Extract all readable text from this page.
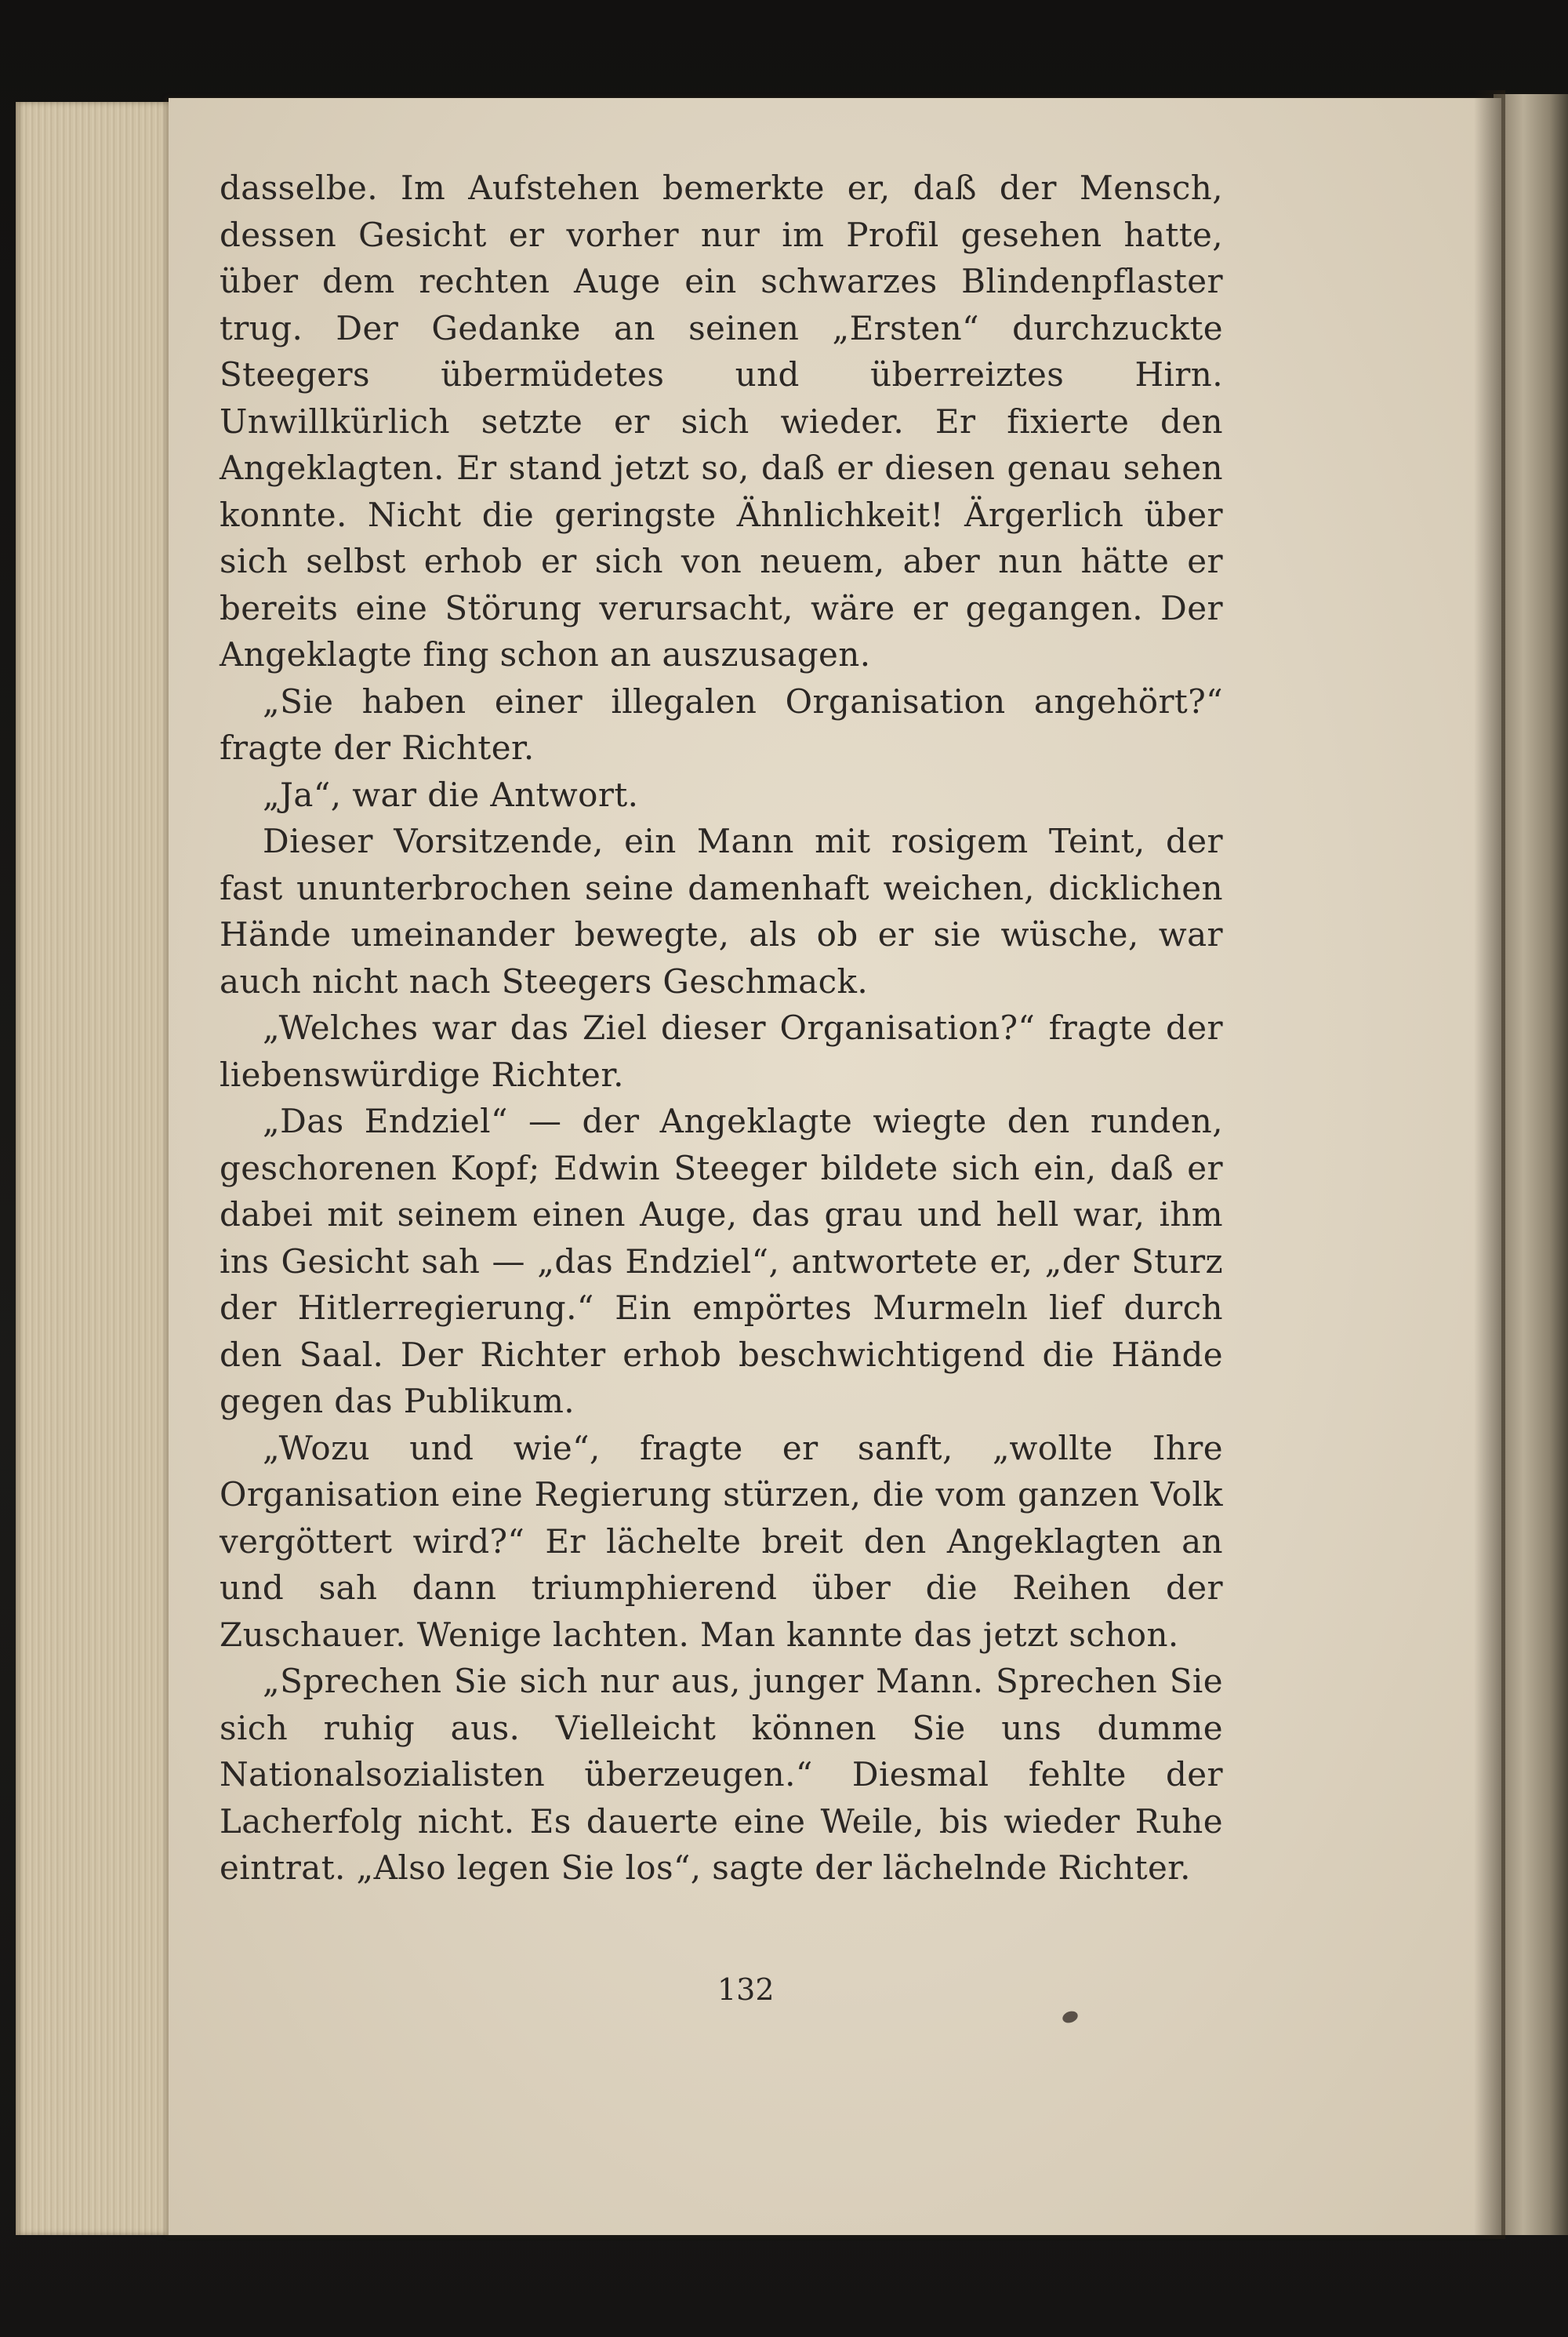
dasselbe. Im Aufstehen bemerkte er, daß der Mensch, dessen Gesicht er vorher nur im Profil gesehen hatte, über dem rechten Auge ein schwarzes Blindenpflaster trug. Der Gedanke an seinen „Ersten“ durchzuckte Steegers übermüdetes und überreiztes Hirn. Unwillkürlich setzte er sich wieder. Er fixierte den Angeklagten. Er stand jetzt so, daß er diesen genau sehen konnte. Nicht die geringste Ähnlichkeit! Ärgerlich über sich selbst erhob er sich von neuem, aber nun hätte er bereits eine Störung verursacht, wäre er gegangen. Der Angeklagte fing schon an auszusagen.

„Sie haben einer illegalen Organisation angehört?“ fragte der Richter.

„Ja“, war die Antwort.

Dieser Vorsitzende, ein Mann mit rosigem Teint, der fast ununterbrochen seine damenhaft weichen, dicklichen Hände umeinander bewegte, als ob er sie wüsche, war auch nicht nach Steegers Geschmack.

„Welches war das Ziel dieser Organisation?“ fragte der liebenswürdige Richter.

„Das Endziel“ — der Angeklagte wiegte den runden, geschorenen Kopf; Edwin Steeger bildete sich ein, daß er dabei mit seinem einen Auge, das grau und hell war, ihm ins Gesicht sah — „das Endziel“, antwortete er, „der Sturz der Hitlerregierung.“ Ein empörtes Murmeln lief durch den Saal. Der Richter erhob beschwichtigend die Hände gegen das Publikum.

„Wozu und wie“, fragte er sanft, „wollte Ihre Organisation eine Regierung stürzen, die vom ganzen Volk vergöttert wird?“ Er lächelte breit den Angeklagten an und sah dann triumphierend über die Reihen der Zuschauer. Wenige lachten. Man kannte das jetzt schon.

„Sprechen Sie sich nur aus, junger Mann. Sprechen Sie sich ruhig aus. Vielleicht können Sie uns dumme Nationalsozialisten überzeugen.“ Diesmal fehlte der Lacherfolg nicht. Es dauerte eine Weile, bis wieder Ruhe eintrat. „Also legen Sie los“, sagte der lächelnde Richter.

132
